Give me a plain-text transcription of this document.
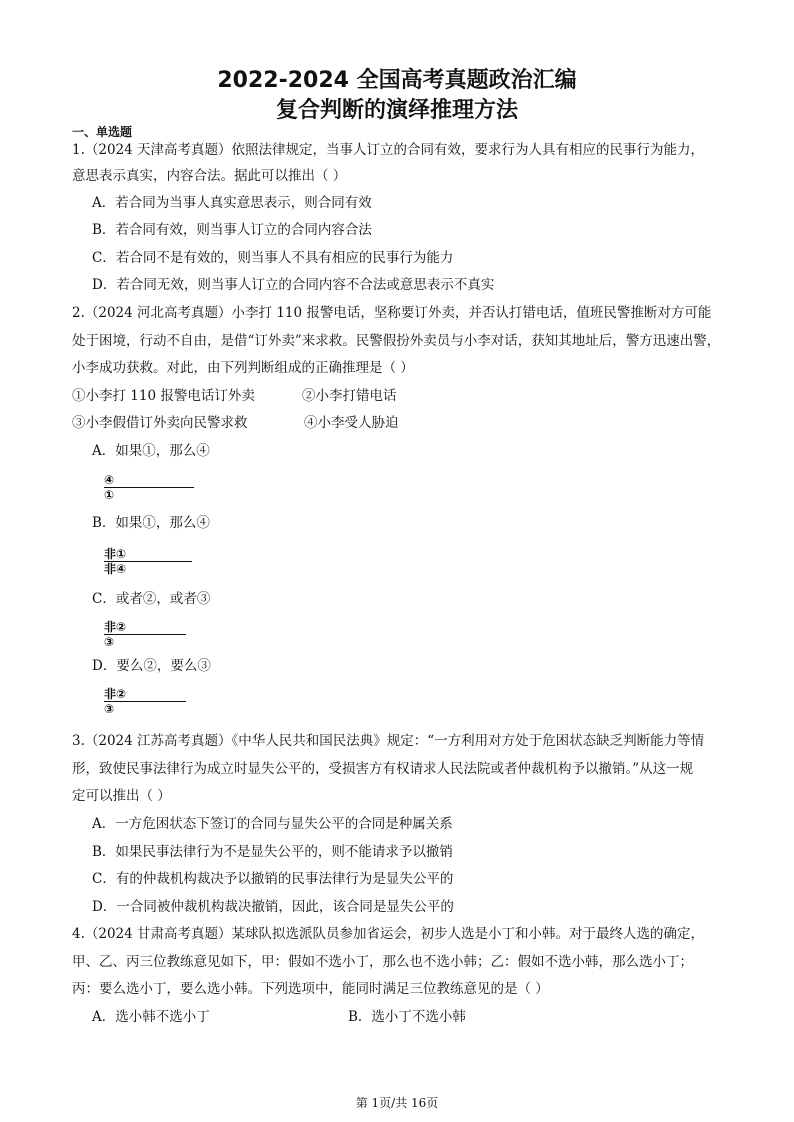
2022-2024 全国高考真题政治汇编
复合判断的演绎推理方法
一、单选题
1.（2024 天津高考真题）依照法律规定，当事人订立的合同有效，要求行为人具有相应的民事行为能力，
意思表示真实，内容合法。据此可以推出（ ）
A．若合同为当事人真实意思表示，则合同有效
B．若合同有效，则当事人订立的合同内容合法
C．若合同不是有效的，则当事人不具有相应的民事行为能力
D．若合同无效，则当事人订立的合同内容不合法或意思表示不真实
2.（2024 河北高考真题）小李打 110 报警电话，坚称要订外卖，并否认打错电话，值班民警推断对方可能
处于困境，行动不自由，是借“订外卖”来求救。民警假扮外卖员与小李对话，获知其地址后，警方迅速出警，
小李成功获救。对此，由下列判断组成的正确推理是（ ）
①小李打 110 报警电话订外卖	②小李打错电话
③小李假借订外卖向民警求救	④小李受人胁迫
A．如果①，那么④
④
①
B．如果①，那么④
非①
非④
C．或者②，或者③
非②
③
D．要么②，要么③
非②
③
3.（2024 江苏高考真题）《中华人民共和国民法典》规定：“一方利用对方处于危困状态缺乏判断能力等情
形，致使民事法律行为成立时显失公平的，受损害方有权请求人民法院或者仲裁机构予以撤销。”从这一规
定可以推出（ ）
A．一方危困状态下签订的合同与显失公平的合同是种属关系
B．如果民事法律行为不是显失公平的，则不能请求予以撤销
C．有的仲裁机构裁决予以撤销的民事法律行为是显失公平的
D．一合同被仲裁机构裁决撤销，因此，该合同是显失公平的
4.（2024 甘肃高考真题）某球队拟选派队员参加省运会，初步人选是小丁和小韩。对于最终人选的确定，
甲、乙、丙三位教练意见如下，甲：假如不选小丁，那么也不选小韩；乙：假如不选小韩，那么选小丁；
丙：要么选小丁，要么选小韩。下列选项中，能同时满足三位教练意见的是（ ）
A．选小韩不选小丁	B．选小丁不选小韩
第 1页/共 16页
